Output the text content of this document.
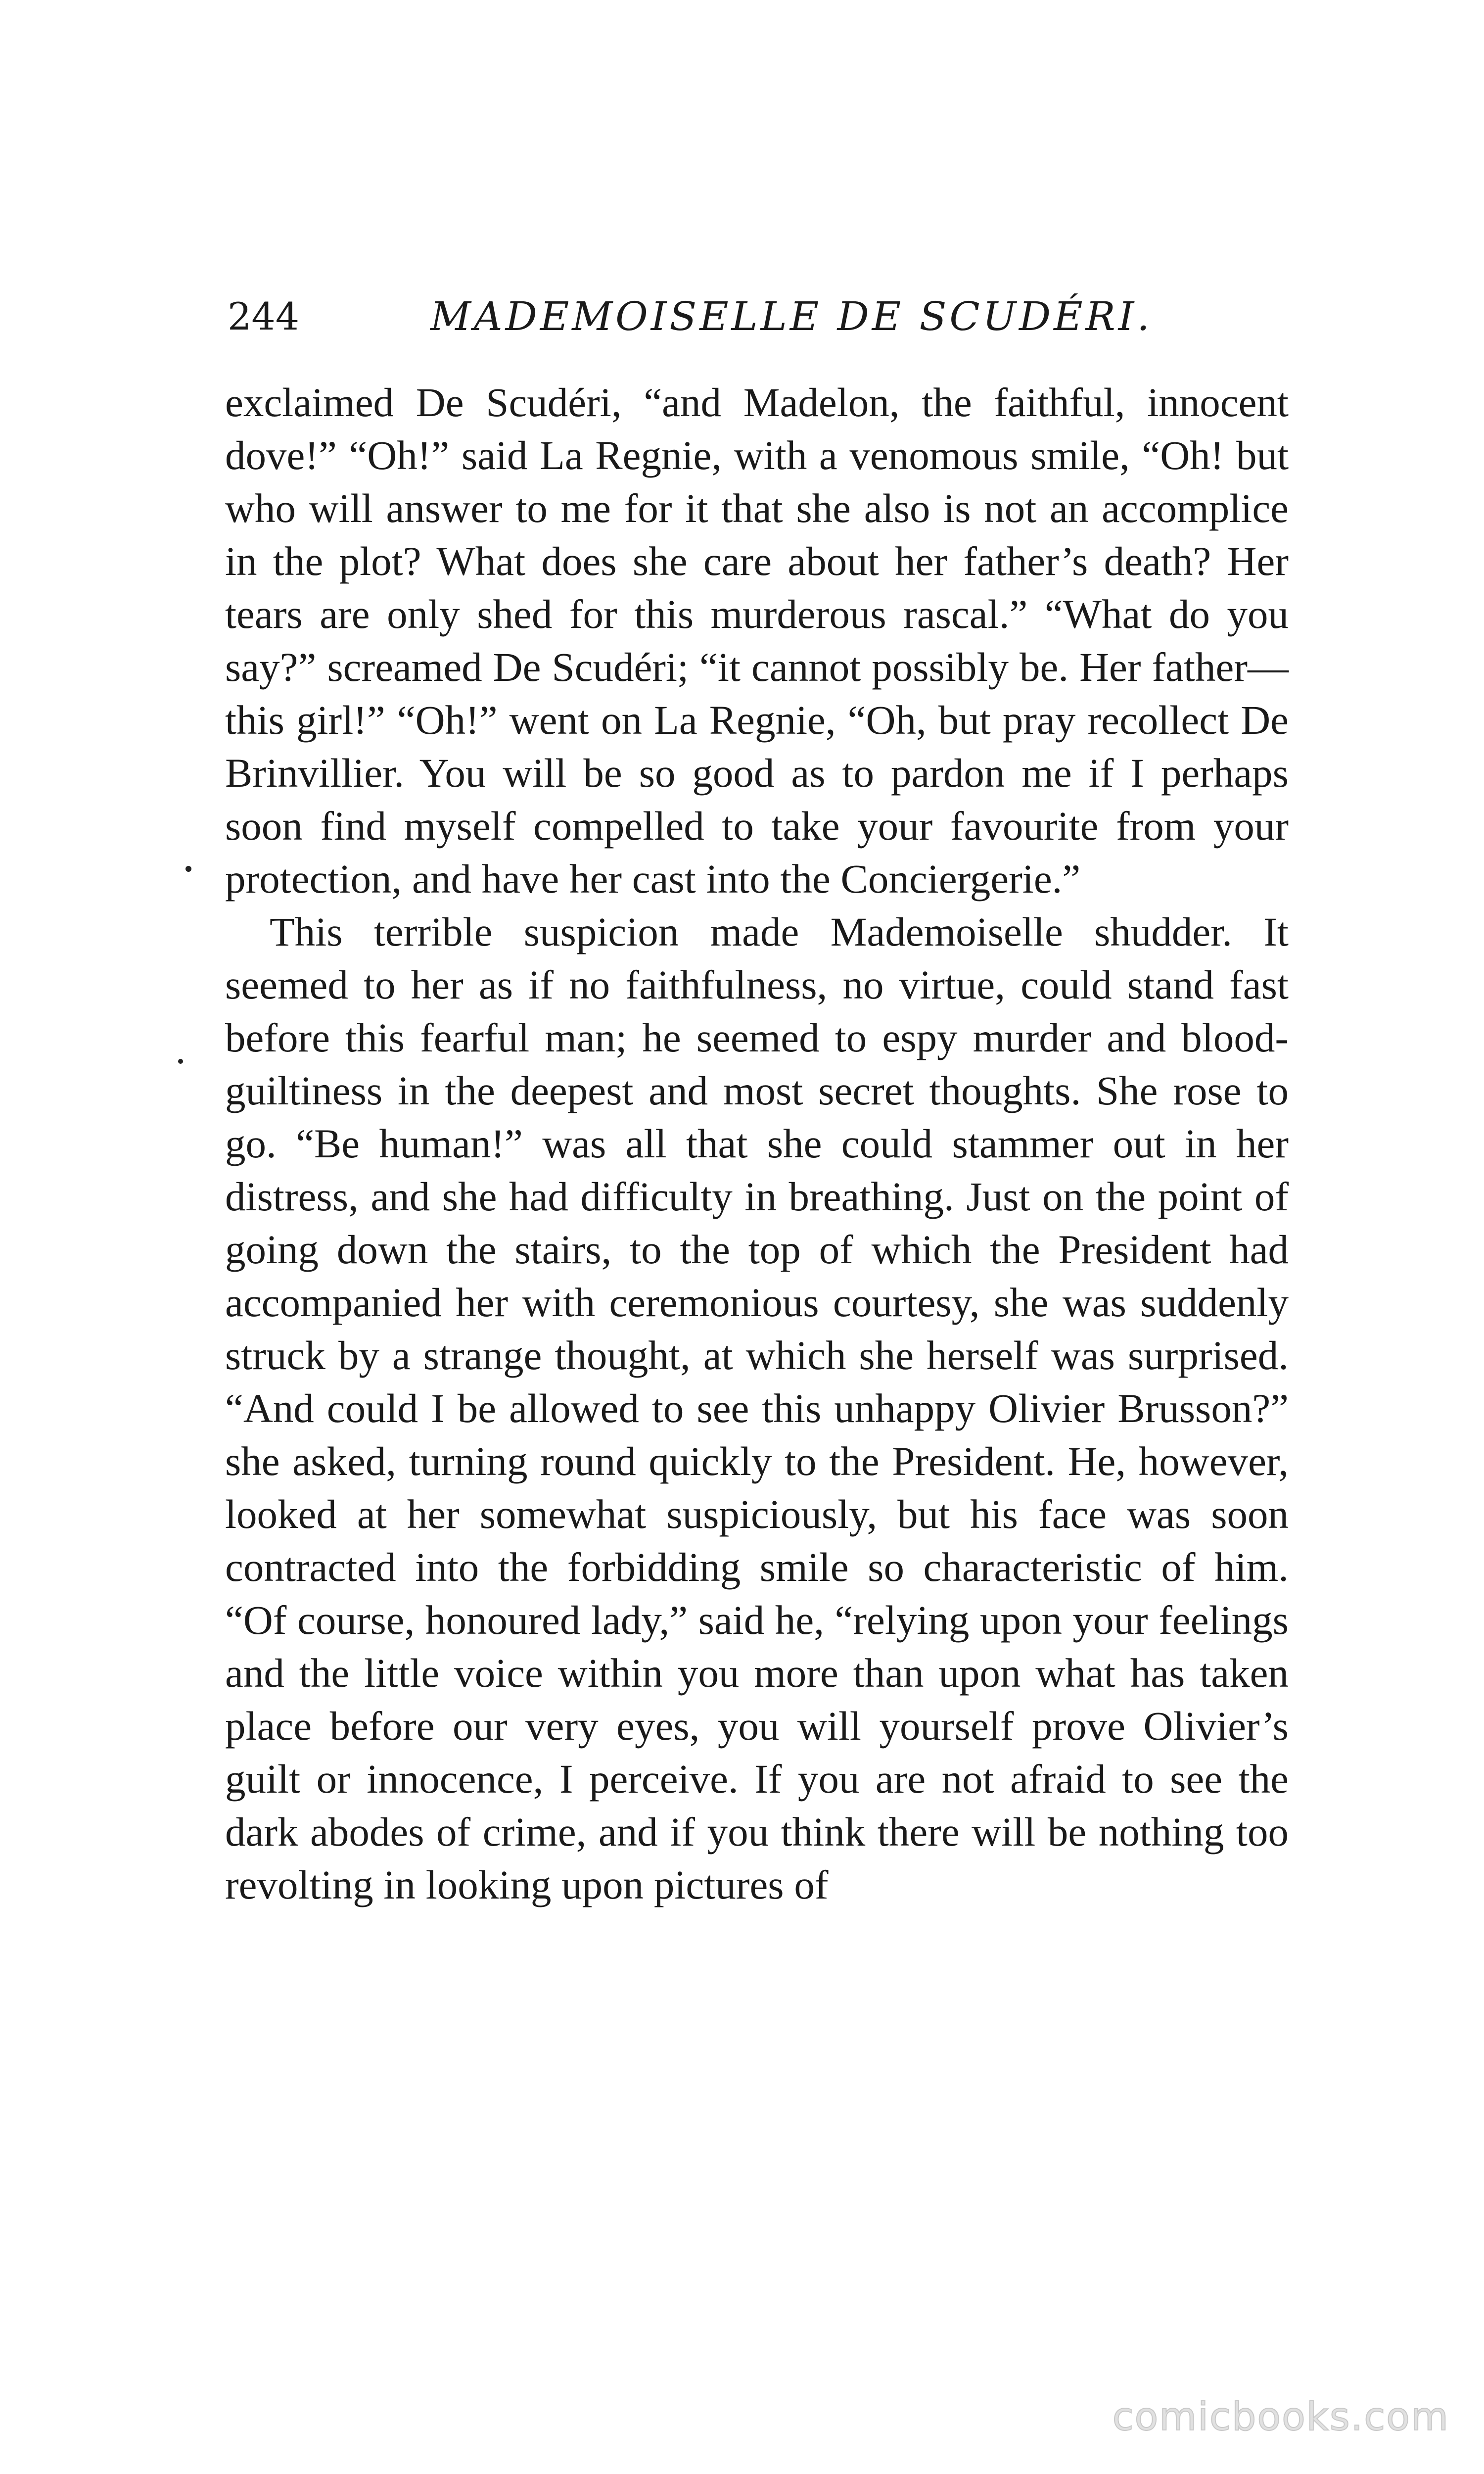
244	MADEMOISELLE DE SCUDÉRI.

exclaimed De Scudéri, “and Madelon, the faithful, innocent dove!” “Oh!” said La Regnie, with a venomous smile, “Oh! but who will answer to me for it that she also is not an accomplice in the plot? What does she care about her father’s death? Her tears are only shed for this murderous rascal.” “What do you say?” screamed De Scudéri; “it cannot possibly be. Her father—this girl!” “Oh!” went on La Regnie, “Oh, but pray recollect De Brinvillier. You will be so good as to pardon me if I perhaps soon find myself compelled to take your favourite from your protection, and have her cast into the Conciergerie.”

This terrible suspicion made Mademoiselle shudder. It seemed to her as if no faithfulness, no virtue, could stand fast before this fearful man; he seemed to espy murder and blood-guiltiness in the deepest and most secret thoughts. She rose to go. “Be human!” was all that she could stammer out in her distress, and she had difficulty in breathing. Just on the point of going down the stairs, to the top of which the President had accompanied her with ceremonious courtesy, she was suddenly struck by a strange thought, at which she herself was surprised. “And could I be allowed to see this unhappy Olivier Brusson?” she asked, turning round quickly to the President. He, however, looked at her somewhat suspiciously, but his face was soon contracted into the forbidding smile so characteristic of him. “Of course, honoured lady,” said he, “relying upon your feelings and the little voice within you more than upon what has taken place before our very eyes, you will yourself prove Olivier’s guilt or innocence, I perceive. If you are not afraid to see the dark abodes of crime, and if you think there will be nothing too revolting in looking upon pictures of

comicbooks.com
